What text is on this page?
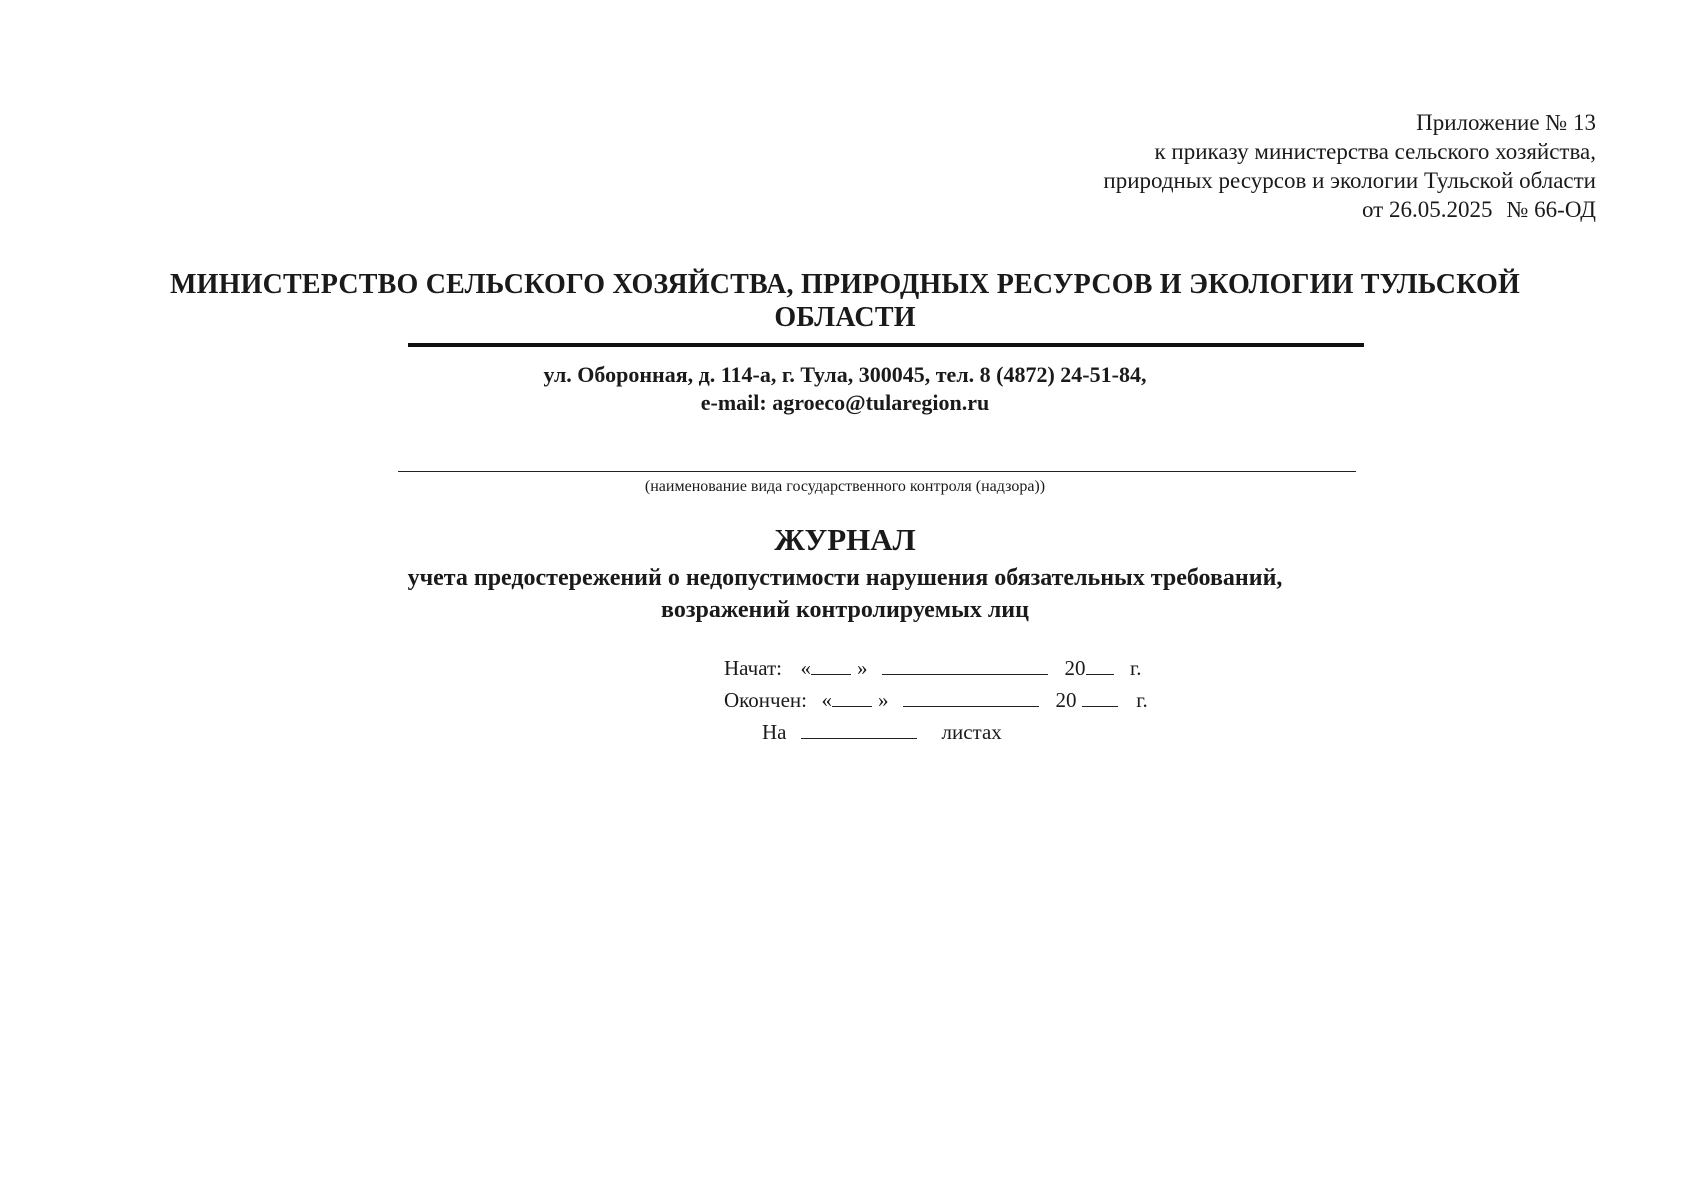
Приложение № 13
к приказу министерства сельского хозяйства,
природных ресурсов и экологии Тульской области
от 26.05.2025 № 66-ОД
МИНИСТЕРСТВО СЕЛЬСКОГО ХОЗЯЙСТВА, ПРИРОДНЫХ РЕСУРСОВ И ЭКОЛОГИИ ТУЛЬСКОЙ
ОБЛАСТИ
ул. Оборонная, д. 114-а, г. Тула, 300045, тел. 8 (4872) 24-51-84,
e-mail: agroeco@tularegion.ru
(наименование вида государственного контроля (надзора))
ЖУРНАЛ
учета предостережений о недопустимости нарушения обязательных требований,
возражений контролируемых лиц
Начат: « »	20 г.
Окончен: « »	20	г.
На	листах
